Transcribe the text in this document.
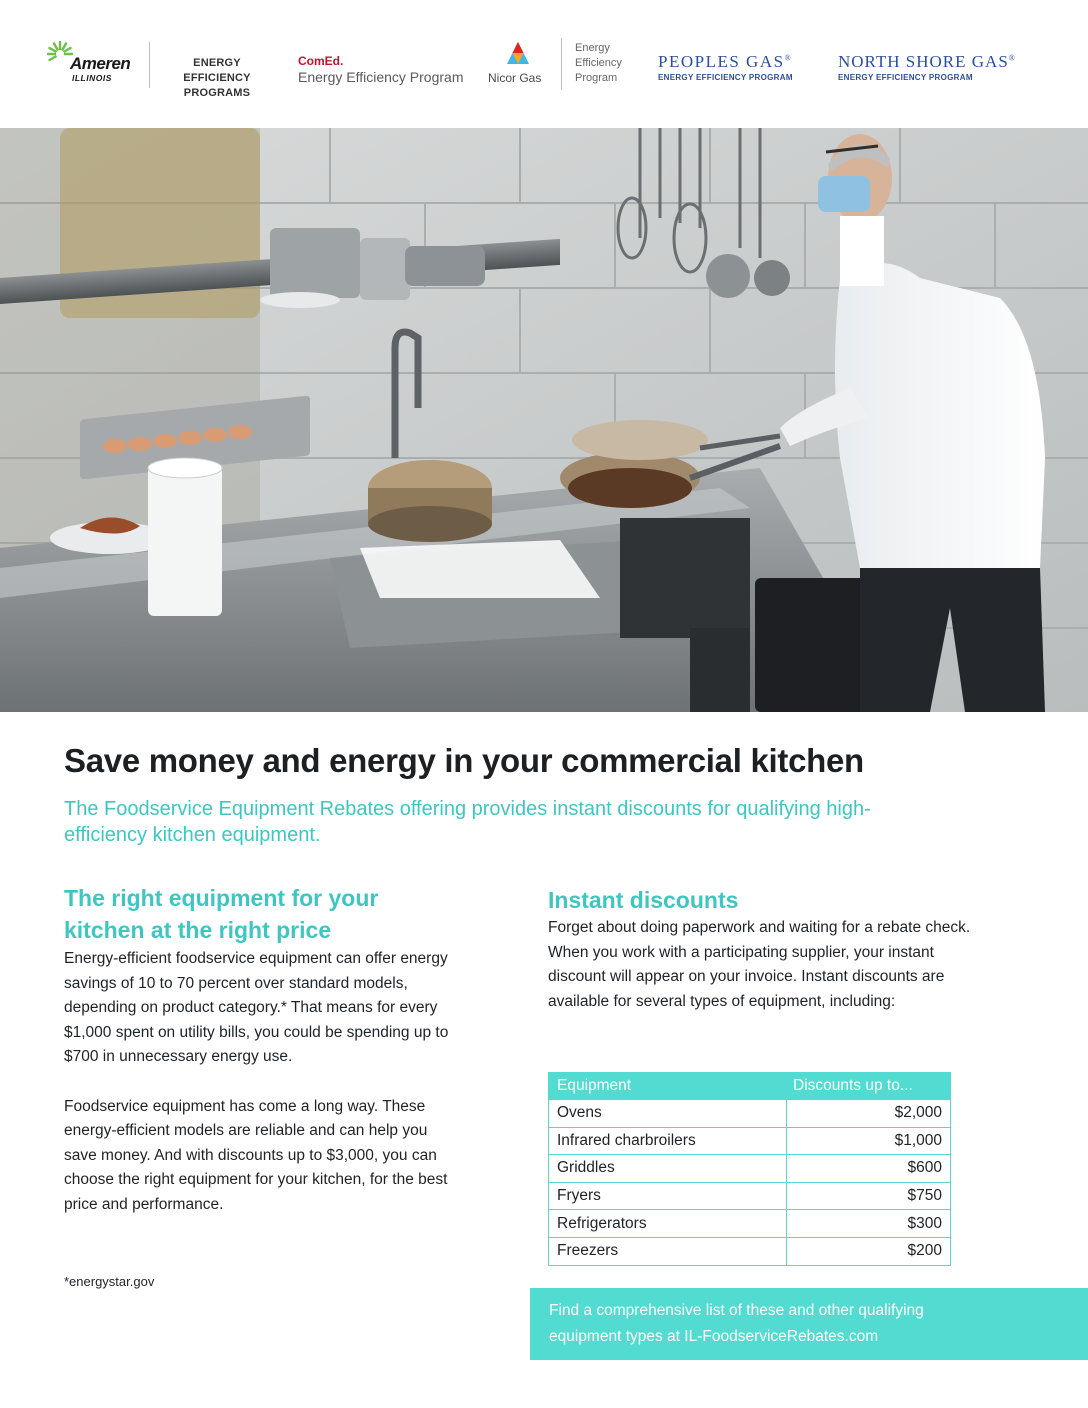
Ameren
ILLINOIS
ENERGY EFFICIENCY
PROGRAMS
ComEd.
Energy Efficiency Program	Nicor Gas
Energy
Efficiency
Program
PEOPLES GAS®
ENERGY EFFICIENCY PROGRAM
NORTH SHORE GAS®
ENERGY EFFICIENCY PROGRAM
Save money and energy in your commercial kitchen

The Foodservice Equipment Rebates offering provides instant discounts for qualifying high-efficiency kitchen equipment.

The right equipment for your kitchen at the right price

Energy-efficient foodservice equipment can offer energy savings of 10 to 70 percent over standard models, depending on product category.* That means for every $1,000 spent on utility bills, you could be spending up to $700 in unnecessary energy use.

Foodservice equipment has come a long way. These energy-efficient models are reliable and can help you save money. And with discounts up to $3,000, you can choose the right equipment for your kitchen, for the best price and performance.

*energystar.gov
Instant discounts

Forget about doing paperwork and waiting for a rebate check. When you work with a participating supplier, your instant discount will appear on your invoice. Instant discounts are available for several types of equipment, including:

Equipment	Discounts up to...
Ovens	$2,000
Infrared charbroilers	$1,000
Griddles	$600
Fryers	$750
Refrigerators	$300
Freezers	$200
Find a comprehensive list of these and other qualifying equipment types at IL-FoodserviceRebates.com
